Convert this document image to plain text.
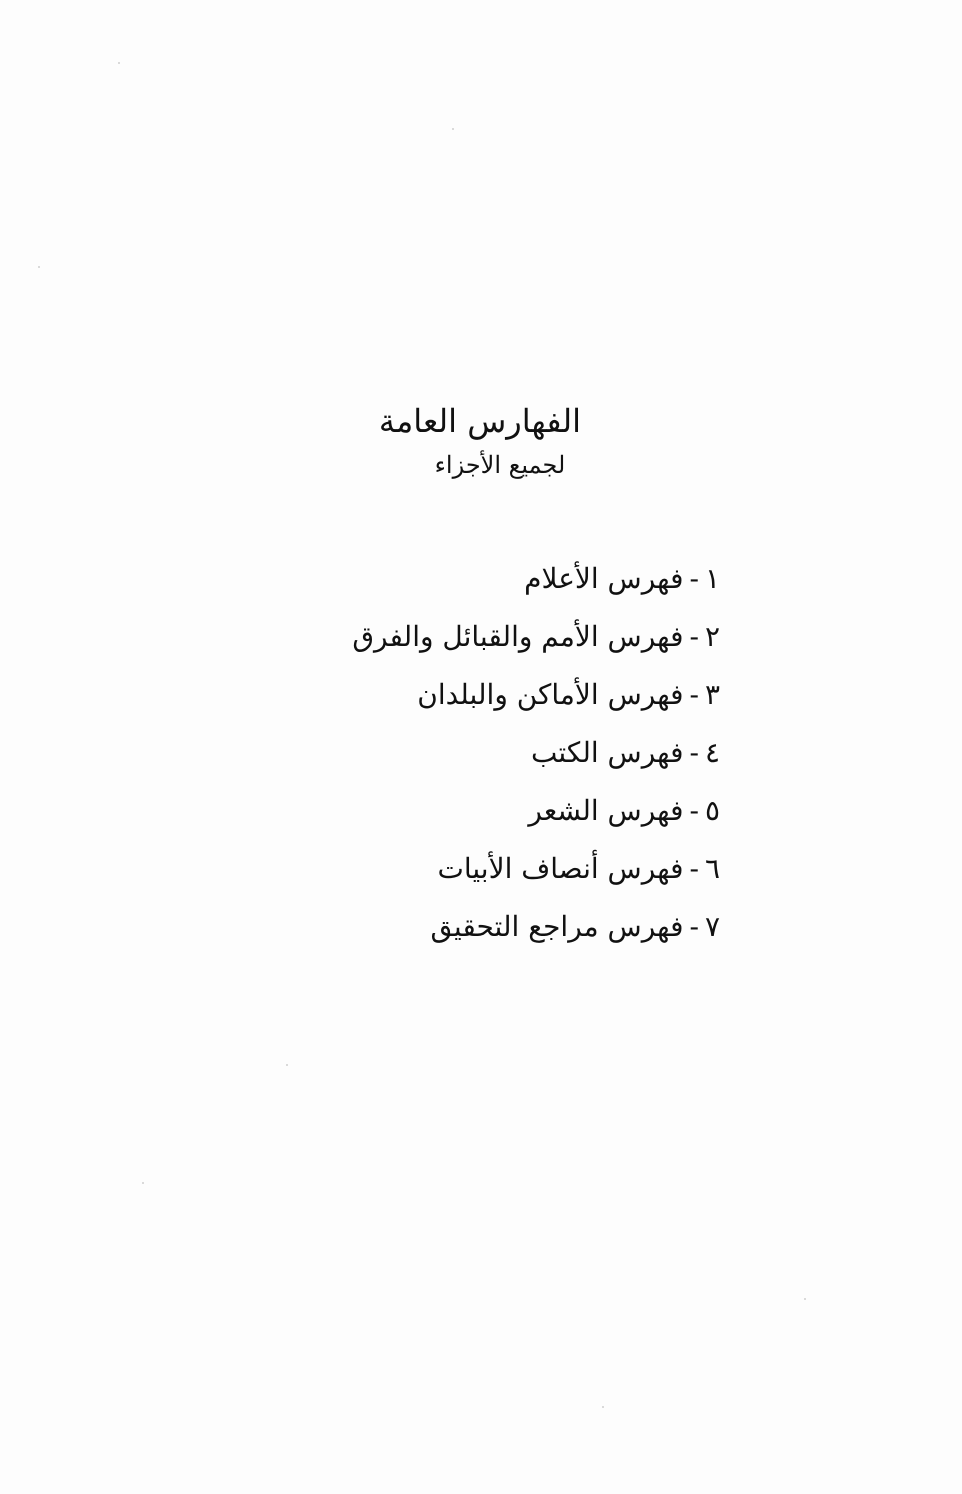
الفهارس العامة
لجميع الأجزاء
١-فهرس الأعلام
٢-فهرس الأمم والقبائل والفرق
٣-فهرس الأماكن والبلدان
٤-فهرس الكتب
٥-فهرس الشعر
٦-فهرس أنصاف الأبيات
٧-فهرس مراجع التحقيق
